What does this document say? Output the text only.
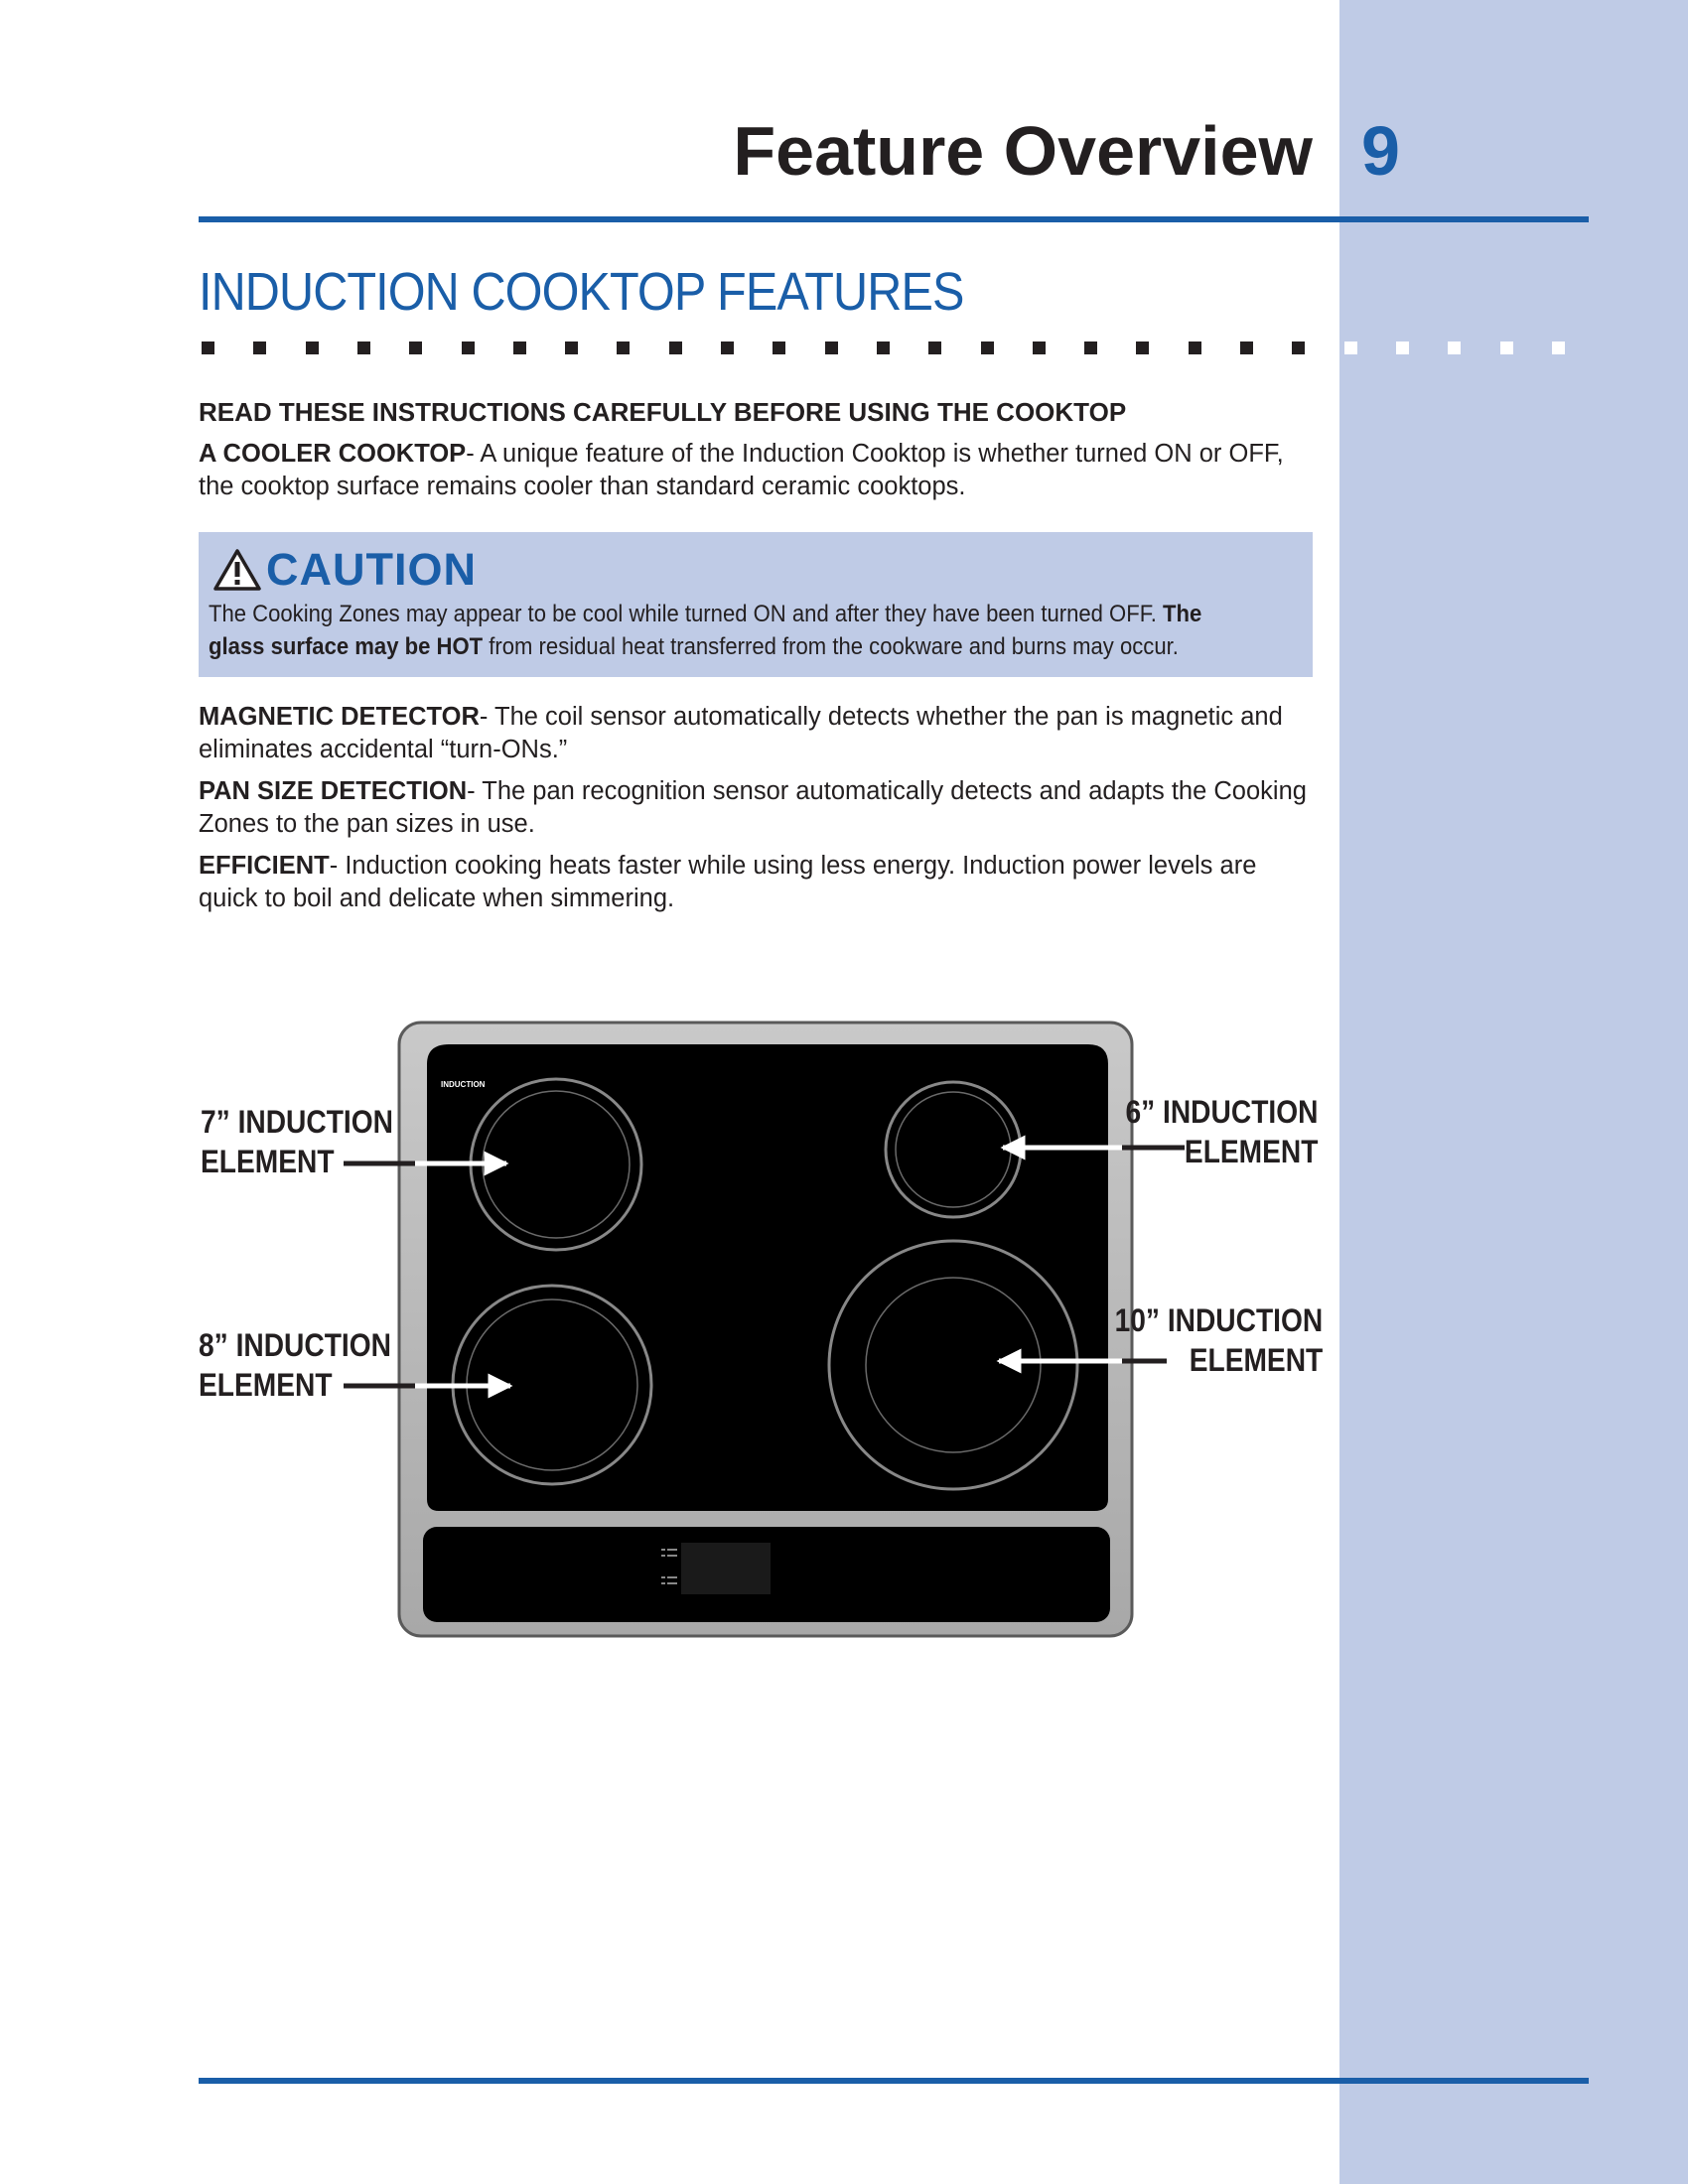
Feature Overview 9
INDUCTION COOKTOP FEATURES
READ THESE INSTRUCTIONS CAREFULLY BEFORE USING THE COOKTOP
A COOLER COOKTOP- A unique feature of the Induction Cooktop is whether turned ON or OFF, the cooktop surface remains cooler than standard ceramic cooktops.
CAUTION
The Cooking Zones may appear to be cool while turned ON and after they have been turned OFF. The glass surface may be HOT from residual heat transferred from the cookware and burns may occur.
MAGNETIC DETECTOR- The coil sensor automatically detects whether the pan is magnetic and eliminates accidental “turn-ONs.”
PAN SIZE DETECTION- The pan recognition sensor automatically detects and adapts the Cooking Zones to the pan sizes in use.
EFFICIENT- Induction cooking heats faster while using less energy. Induction power levels are quick to boil and delicate when simmering.
INDUCTION
7” INDUCTION
ELEMENT
8” INDUCTION
ELEMENT
6” INDUCTION
ELEMENT
10” INDUCTION
ELEMENT
